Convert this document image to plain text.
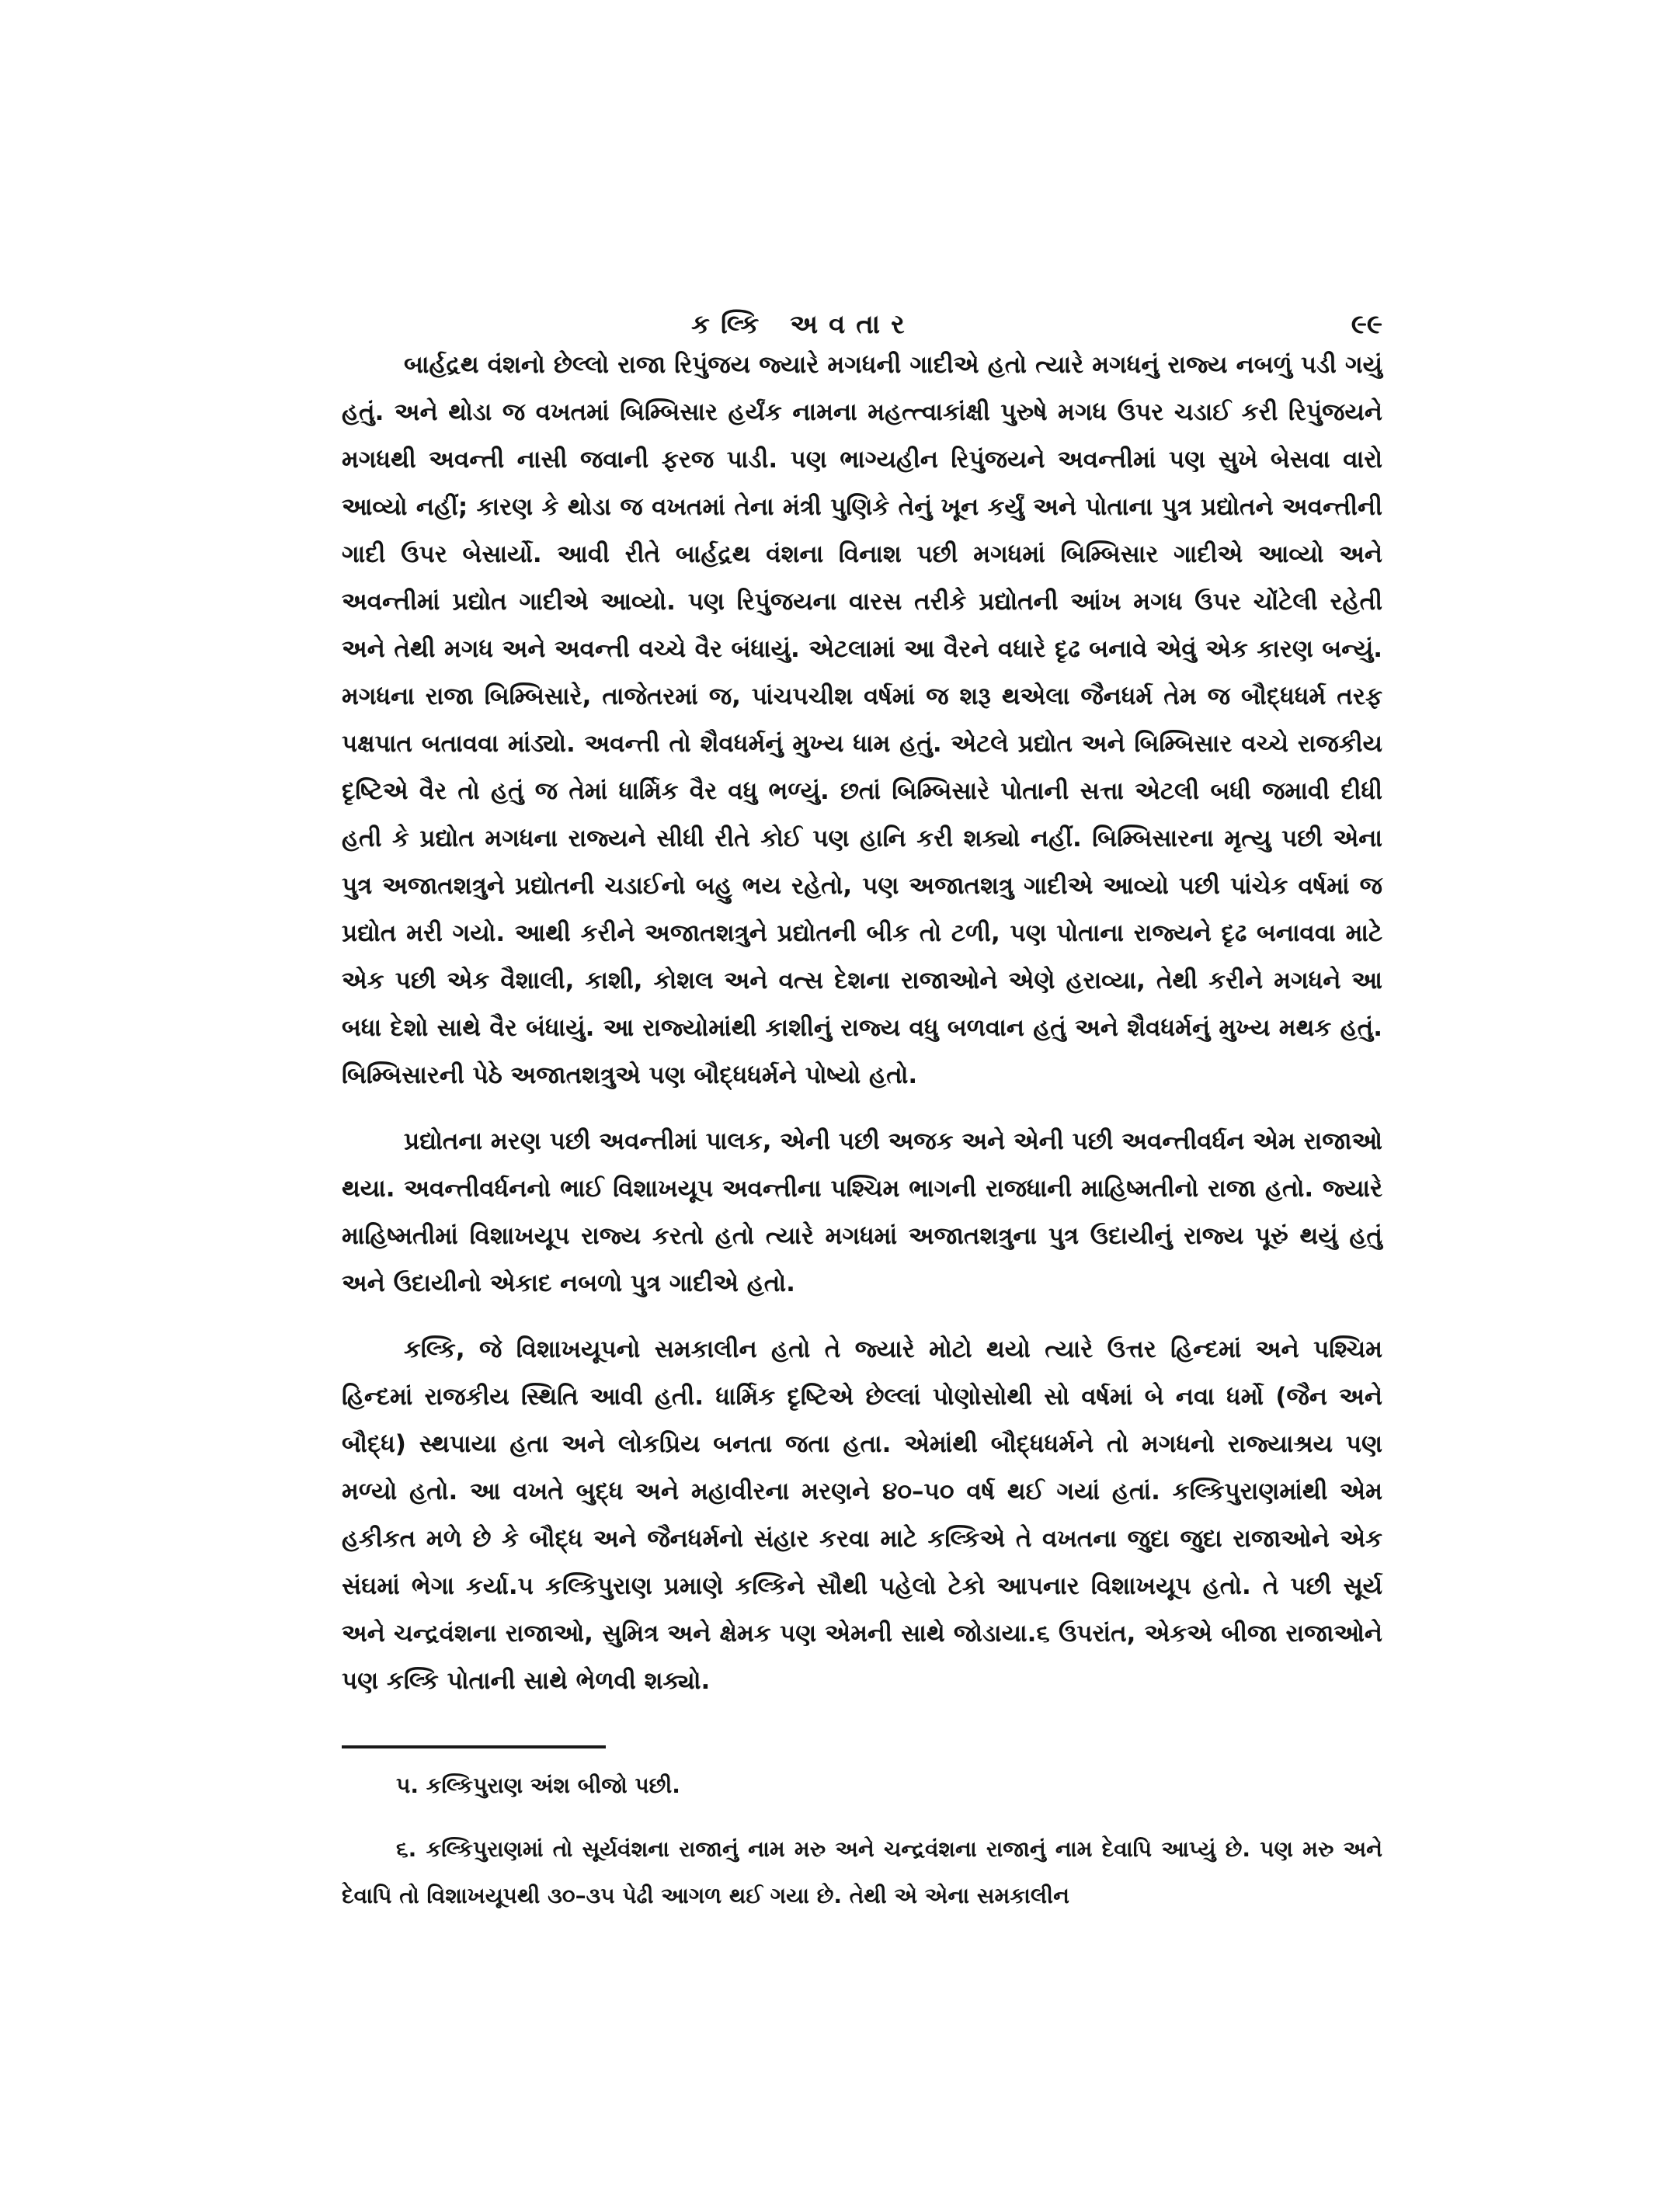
કલ્કિ અવતાર	૯૯

બાર્હદ્રથ વંશનો છેલ્લો રાજા રિપુંજય જ્યારે મગધની ગાદીએ હતો ત્યારે મગધનું રાજ્ય નબળું પડી ગયું હતું. અને થોડા જ વખતમાં બિમ્બિસાર હર્યંક નામના મહત્ત્વાકાંક્ષી પુરુષે મગધ ઉપર ચડાઈ કરી રિપુંજયને મગધથી અવન્તી નાસી જવાની ફરજ પાડી. પણ ભાગ્યહીન રિપુંજયને અવન્તીમાં પણ સુખે બેસવા વારો આવ્યો નહીં; કારણ કે થોડા જ વખતમાં તેના મંત્રી પુણિકે તેનું ખૂન કર્યું અને પોતાના પુત્ર પ્રદ્યોતને અવન્તીની ગાદી ઉપર બેસાર્યો. આવી રીતે બાર્હદ્રથ વંશના વિનાશ પછી મગધમાં બિમ્બિસાર ગાદીએ આવ્યો અને અવન્તીમાં પ્રદ્યોત ગાદીએ આવ્યો. પણ રિપુંજયના વારસ તરીકે પ્રદ્યોતની આંખ મગધ ઉપર ચોંટેલી રહેતી અને તેથી મગધ અને અવન્તી વચ્ચે વૈર બંધાયું. એટલામાં આ વૈરને વધારે દૃઢ બનાવે એવું એક કારણ બન્યું. મગધના રાજા બિમ્બિસારે, તાજેતરમાં જ, પાંચપચીશ વર્ષમાં જ શરૂ થએલા જૈનધર્મ તેમ જ બૌદ્ધધર્મ તરફ પક્ષપાત બતાવવા માંડ્યો. અવન્તી તો શૈવધર્મનું મુખ્ય ધામ હતું. એટલે પ્રદ્યોત અને બિમ્બિસાર વચ્ચે રાજકીય દૃષ્ટિએ વૈર તો હતું જ તેમાં ધાર્મિક વૈર વધુ ભળ્યું. છતાં બિમ્બિસારે પોતાની સત્તા એટલી બધી જમાવી દીધી હતી કે પ્રદ્યોત મગધના રાજ્યને સીધી રીતે કોઈ પણ હાનિ કરી શક્યો નહીં. બિમ્બિસારના મૃત્યુ પછી એના પુત્ર અજાતશત્રુને પ્રદ્યોતની ચડાઈનો બહુ ભય રહેતો, પણ અજાતશત્રુ ગાદીએ આવ્યો પછી પાંચેક વર્ષમાં જ પ્રદ્યોત મરી ગયો. આથી કરીને અજાતશત્રુને પ્રદ્યોતની બીક તો ટળી, પણ પોતાના રાજ્યને દૃઢ બનાવવા માટે એક પછી એક વૈશાલી, કાશી, કોશલ અને વત્સ દેશના રાજાઓને એણે હરાવ્યા, તેથી કરીને મગધને આ બધા દેશો સાથે વૈર બંધાયું. આ રાજ્યોમાંથી કાશીનું રાજ્ય વધુ બળવાન હતું અને શૈવધર્મનું મુખ્ય મથક હતું. બિમ્બિસારની પેઠે અજાતશત્રુએ પણ બૌદ્ધધર્મને પોષ્યો હતો.

પ્રદ્યોતના મરણ પછી અવન્તીમાં પાલક, એની પછી અજક અને એની પછી અવન્તીવર્ધન એમ રાજાઓ થયા. અવન્તીવર્ધનનો ભાઈ વિશાખયૂપ અવન્તીના પશ્ચિમ ભાગની રાજધાની માહિષ્મતીનો રાજા હતો. જ્યારે માહિષ્મતીમાં વિશાખયૂપ રાજ્ય કરતો હતો ત્યારે મગધમાં અજાતશત્રુના પુત્ર ઉદાયીનું રાજ્ય પૂરું થયું હતું અને ઉદાયીનો એકાદ નબળો પુત્ર ગાદીએ હતો.

કલ્કિ, જે વિશાખયૂપનો સમકાલીન હતો તે જ્યારે મોટો થયો ત્યારે ઉત્તર હિન્દમાં અને પશ્ચિમ હિન્દમાં રાજકીય સ્થિતિ આવી હતી. ધાર્મિક દૃષ્ટિએ છેલ્લાં પોણોસોથી સો વર્ષમાં બે નવા ધર્મો (જૈન અને બૌદ્ધ) સ્થપાયા હતા અને લોકપ્રિય બનતા જતા હતા. એમાંથી બૌદ્ધધર્મને તો મગધનો રાજ્યાશ્રય પણ મળ્યો હતો. આ વખતે બુદ્ધ અને મહાવીરના મરણને ૪૦–૫૦ વર્ષ થઈ ગયાં હતાં. કલ્કિપુરાણમાંથી એમ હકીકત મળે છે કે બૌદ્ધ અને જૈનધર્મનો સંહાર કરવા માટે કલ્કિએ તે વખતના જુદા જુદા રાજાઓને એક સંઘમાં ભેગા કર્યા.૫ કલ્કિપુરાણ પ્રમાણે કલ્કિને સૌથી પહેલો ટેકો આપનાર વિશાખયૂપ હતો. તે પછી સૂર્ય અને ચન્દ્રવંશના રાજાઓ, સુમિત્ર અને ક્ષેમક પણ એમની સાથે જોડાયા.૬ ઉપરાંત, એકએ બીજા રાજાઓને પણ કલ્કિ પોતાની સાથે ભેળવી શક્યો.

૫. કલ્કિપુરાણ અંશ બીજો પછી.

૬. કલ્કિપુરાણમાં તો સૂર્યવંશના રાજાનું નામ મરુ અને ચન્દ્રવંશના રાજાનું નામ દેવાપિ આપ્યું છે. પણ મરુ અને દેવાપિ તો વિશાખયૂપથી ૩૦–૩૫ પેઢી આગળ થઈ ગયા છે. તેથી એ એના સમકાલીન
